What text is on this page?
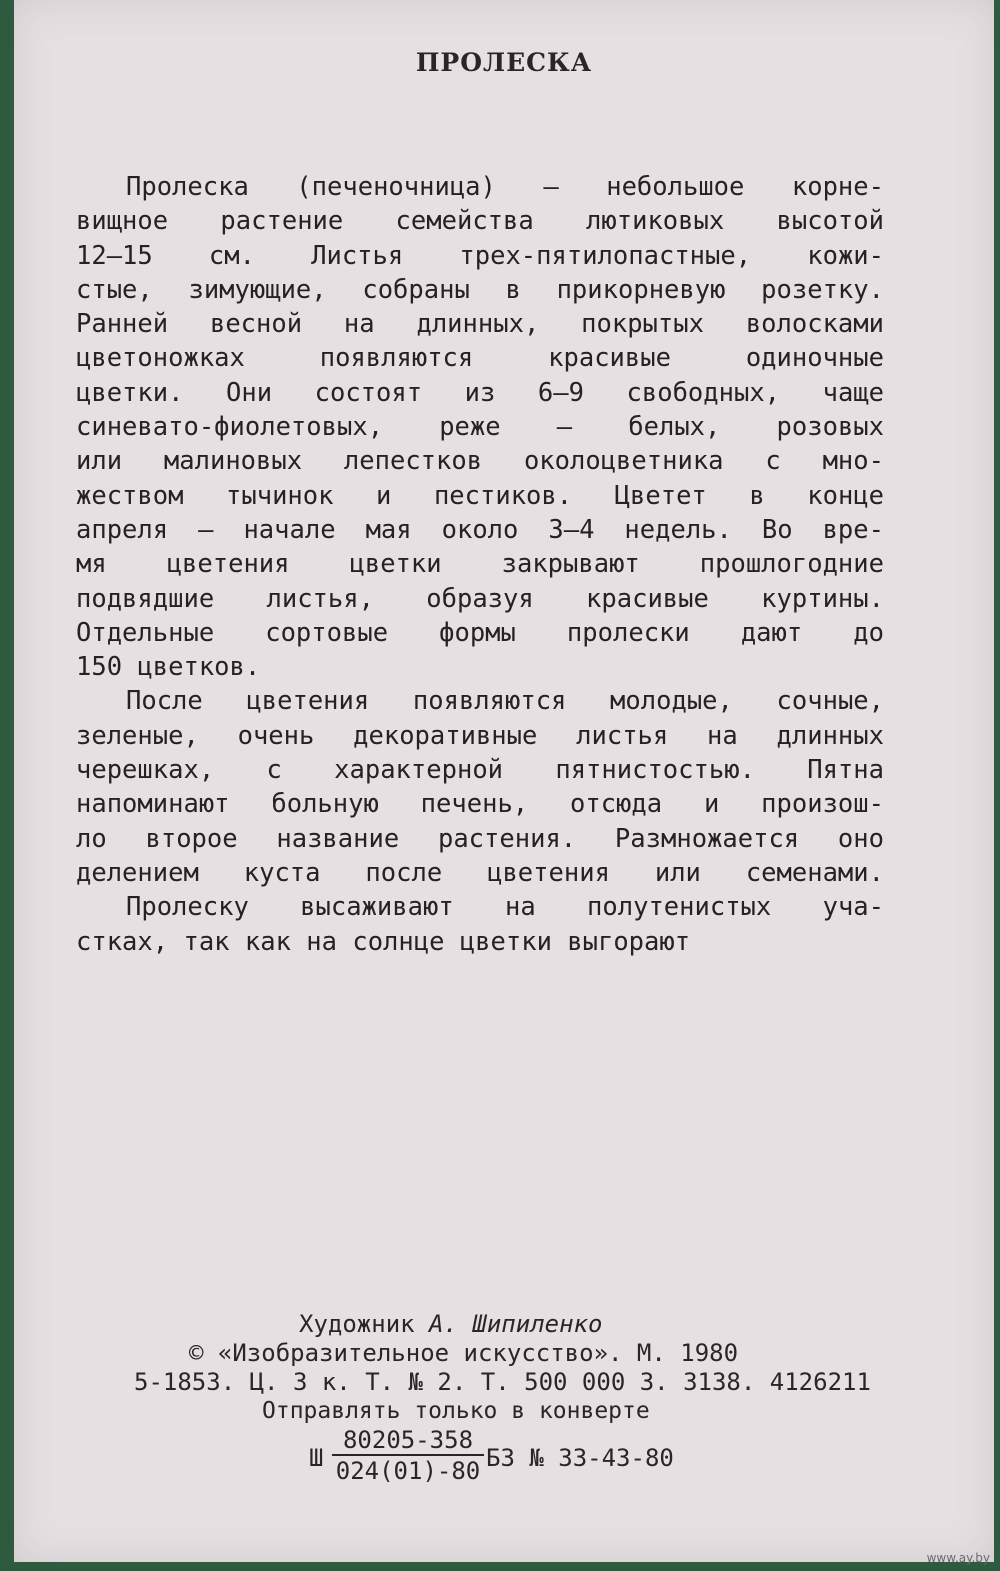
ПРОЛЕСКА
Пролеска (печеночница) — небольшое корне-
вищное растение семейства лютиковых высотой
12—15 см. Листья трех-пятилопастные, кожи-
стые, зимующие, собраны в прикорневую розетку.
Ранней весной на длинных, покрытых волосками
цветоножках появляются красивые одиночные
цветки. Они состоят из 6—9 свободных, чаще
синевато-фиолетовых, реже — белых, розовых
или малиновых лепестков околоцветника с мно-
жеством тычинок и пестиков. Цветет в конце
апреля — начале мая около 3—4 недель. Во вре-
мя цветения цветки закрывают прошлогодние
подвядшие листья, образуя красивые куртины.
Отдельные сортовые формы пролески дают до
150 цветков.
После цветения появляются молодые, сочные,
зеленые, очень декоративные листья на длинных
черешках, с характерной пятнистостью. Пятна
напоминают больную печень, отсюда и произош-
ло второе название растения. Размножается оно
делением куста после цветения или семенами.
Пролеску высаживают на полутенистых уча-
стках, так как на солнце цветки выгорают
Художник А. Шипиленко
© «Изобразительное искусство». М. 1980
5-1853. Ц. 3 к. Т. № 2. Т. 500 000 З. 3138. 4126211
Отправлять только в конверте
Ш $\frac{80205-358}{024(01)-80}$ БЗ № 33-43-80
www.ay.by
